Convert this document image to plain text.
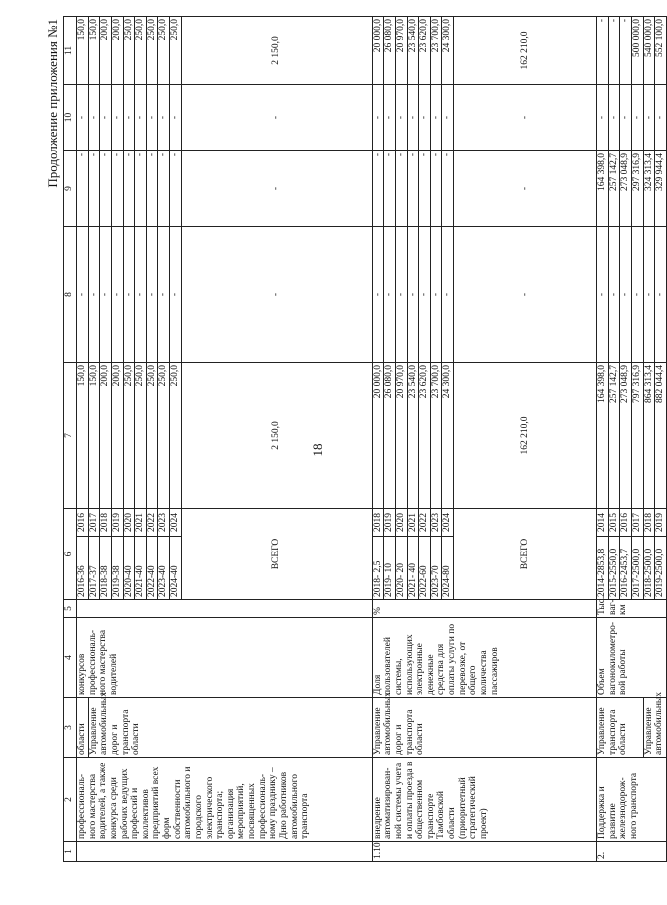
18
Продолжение приложения №1
1	2	3	4	5	6		7	8	9	10	11
	професcиональ-ного мастерства водителей, а также конкурса среди рабочих ведущих профессий и коллективов предприятий всех форм собственности автомобильного и городского электрического транспорта; организация мероприятий, посвященных профессиональ-ному празднику – Дню работников автомобильного транспорта	области	конкурсов профессиональ-ного мастерства водителей		2016-36	2016	150,0	-	-	-	150,0
		Управление автомобильных дорог и транспорта области			2017-37	2017	150,0	-	-	-	150,0
					2018-38	2018	200,0	-	-	-	200,0
					2019-38	2019	200,0	-	-	-	200,0
					2020-40	2020	250,0	-	-	-	250,0
					2021-40	2021	250,0	-	-	-	250,0
					2022-40	2022	250,0	-	-	-	250,0
					2023-40	2023	250,0	-	-	-	250,0
					2024-40	2024	250,0	-	-	-	250,0
					ВСЕГО		2 150,0	-	-	-	2 150,0
1.10	внедрение автоматизирован-ной системы учета и оплаты проезда в общественном транспорте Тамбовской области (приоритетный стратегический проект)	Управление автомобильных дорог и транспорта области	Доля пользователей системы, использующих электронные денежные средства для оплаты услуги по перевозке, от общего количества пассажиров	%	2018- 2,5	2018	20 000,0	-	-	-	20 000,0
					2019- 10	2019	26 080,0	-	-	-	26 080,0
					2020- 20	2020	20 970,0	-	-	-	20 970,0
					2021- 40	2021	23 540,0	-	-	-	23 540,0
					2022-60	2022	23 620,0	-	-	-	23 620,0
					2023-70	2023	23 700,0	-	-	-	23 700,0
					2024-80	2024	24 300,0	-	-	-	24 300,0
					ВСЕГО		162 210,0	-	-	-	162 210,0
2.	Поддержка и развитие железнодорож-ного транспорта	Управление транспорта области	Объем вагонокилометро-вой работы	Тыс. ваг-км	2014-2853,8	2014	164 398,0	-	164 398,0	-	-
					2015-2550,0	2015	257 142,7	-	257 142,7	-	-
					2016-2453,7	2016	273 048,9	-	273 048,9	-	-
					2017-2500,0	2017	797 316,9	-	297 316,9	-	500 000,0
		Управление автомобильных			2018-2500,0	2018	864 313,4	-	324 313,4	-	540 000,0
					2019-2500,0	2019	882 044,4	-	329 944,4	-	552 100,0
